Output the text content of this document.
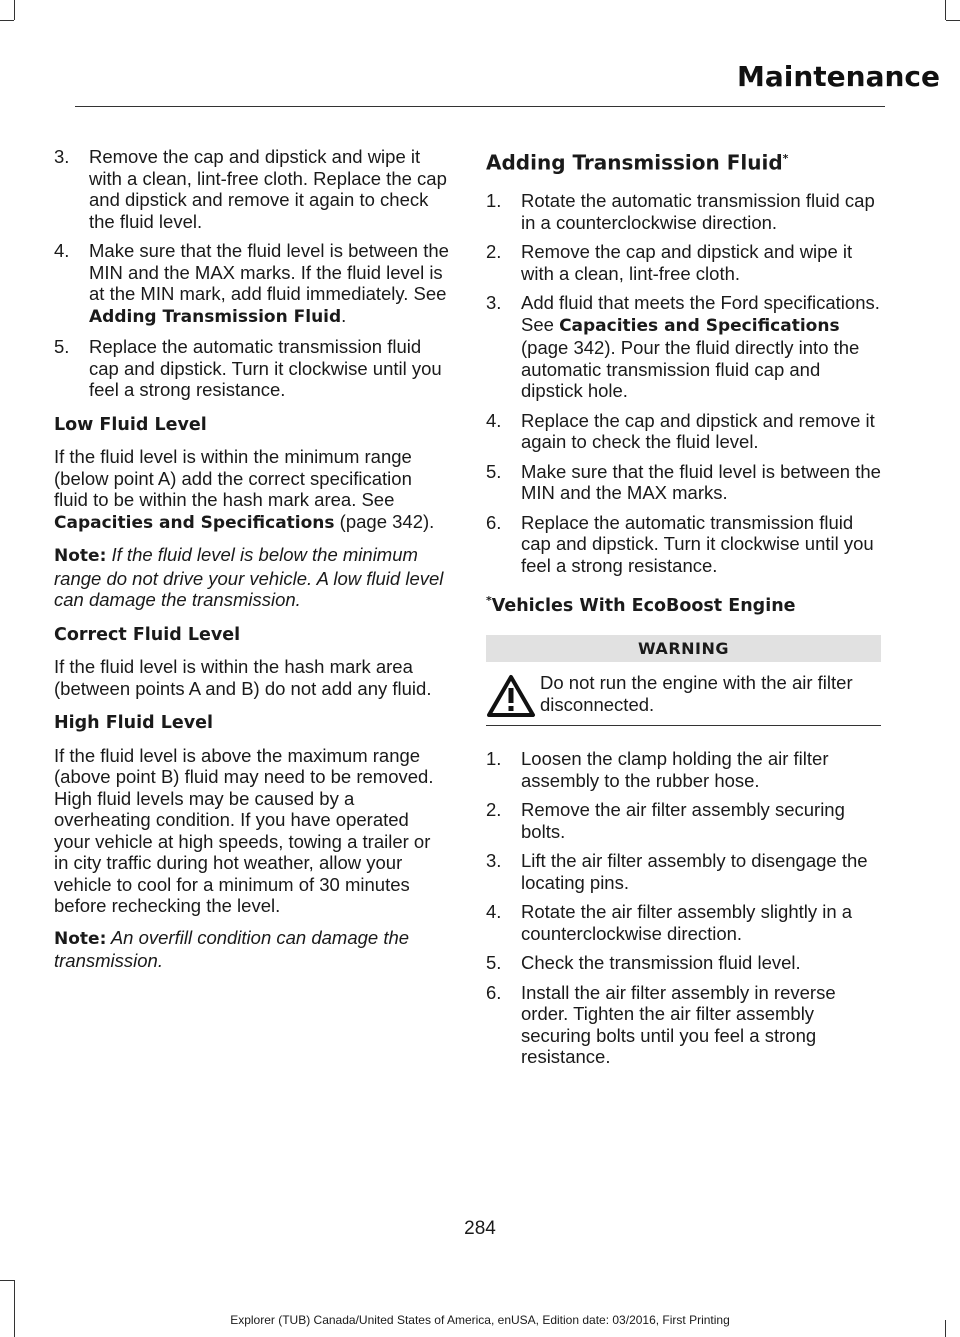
Maintenance
3. Remove the cap and dipstick and wipe it with a clean, lint-free cloth. Replace the cap and dipstick and remove it again to check the fluid level.
4. Make sure that the fluid level is between the MIN and the MAX marks. If the fluid level is at the MIN mark, add fluid immediately. See Adding Transmission Fluid.
5. Replace the automatic transmission fluid cap and dipstick. Turn it clockwise until you feel a strong resistance.
Low Fluid Level

If the fluid level is within the minimum range (below point A) add the correct specification fluid to be within the hash mark area. See Capacities and Specifications (page 342).

Note: If the fluid level is below the minimum range do not drive your vehicle. A low fluid level can damage the transmission.

Correct Fluid Level

If the fluid level is within the hash mark area (between points A and B) do not add any fluid.

High Fluid Level

If the fluid level is above the maximum range (above point B) fluid may need to be removed. High fluid levels may be caused by a overheating condition. If you have operated your vehicle at high speeds, towing a trailer or in city traffic during hot weather, allow your vehicle to cool for a minimum of 30 minutes before rechecking the level.

Note: An overfill condition can damage the transmission.

Adding Transmission Fluid*
1. Rotate the automatic transmission fluid cap in a counterclockwise direction.
2. Remove the cap and dipstick and wipe it with a clean, lint-free cloth.
3. Add fluid that meets the Ford specifications. See Capacities and Specifications (page 342). Pour the fluid directly into the automatic transmission fluid cap and dipstick hole.
4. Replace the cap and dipstick and remove it again to check the fluid level.
5. Make sure that the fluid level is between the MIN and the MAX marks.
6. Replace the automatic transmission fluid cap and dipstick. Turn it clockwise until you feel a strong resistance.
*Vehicles With EcoBoost Engine
WARNING
Do not run the engine with the air filter disconnected.
1. Loosen the clamp holding the air filter assembly to the rubber hose.
2. Remove the air filter assembly securing bolts.
3. Lift the air filter assembly to disengage the locating pins.
4. Rotate the air filter assembly slightly in a counterclockwise direction.
5. Check the transmission fluid level.
6. Install the air filter assembly in reverse order. Tighten the air filter assembly securing bolts until you feel a strong resistance.
284
Explorer (TUB) Canada/United States of America, enUSA, Edition date: 03/2016, First Printing
